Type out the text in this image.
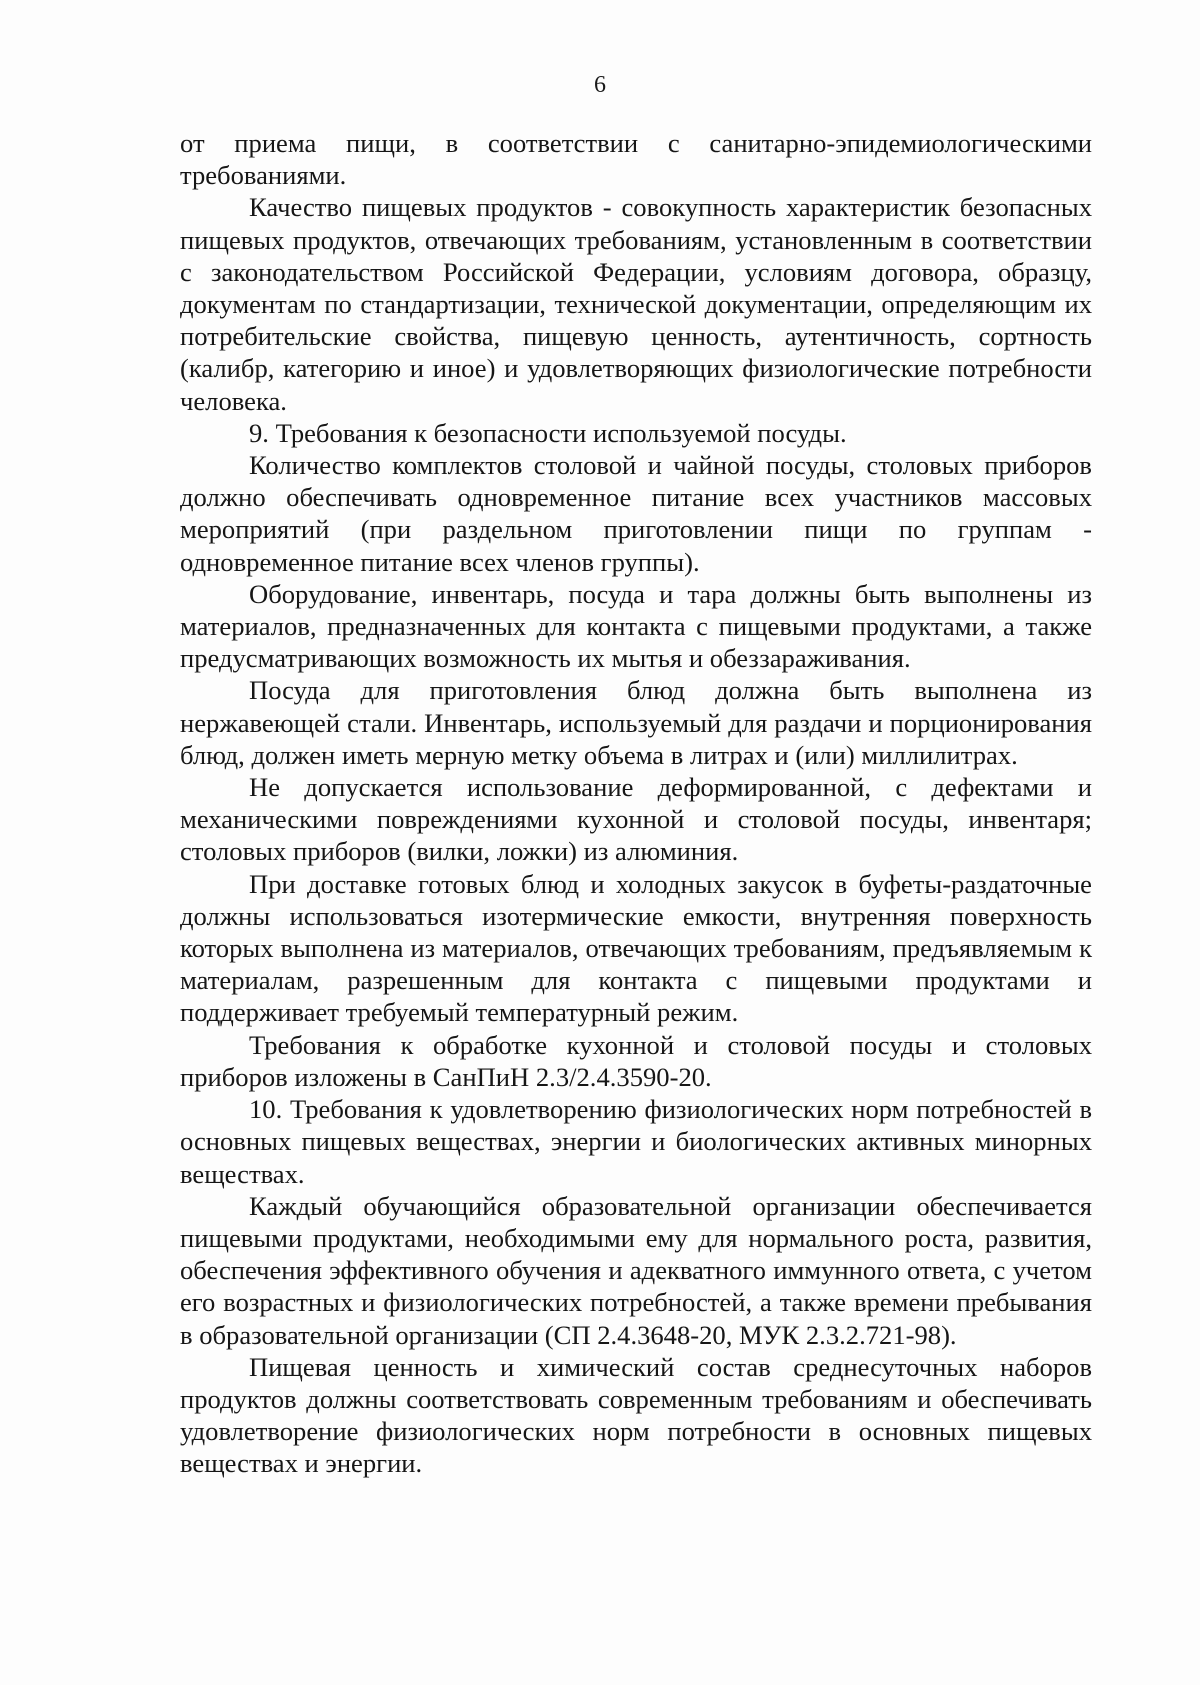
6

от приема пищи, в соответствии с санитарно-эпидемиологическими требованиями.

Качество пищевых продуктов - совокупность характеристик безопасных пищевых продуктов, отвечающих требованиям, установленным в соответствии с законодательством Российской Федерации, условиям договора, образцу, документам по стандартизации, технической документации, определяющим их потребительские свойства, пищевую ценность, аутентичность, сортность (калибр, категорию и иное) и удовлетворяющих физиологические потребности человека.

9. Требования к безопасности используемой посуды.

Количество комплектов столовой и чайной посуды, столовых приборов должно обеспечивать одновременное питание всех участников массовых мероприятий (при раздельном приготовлении пищи по группам - одновременное питание всех членов группы).

Оборудование, инвентарь, посуда и тара должны быть выполнены из материалов, предназначенных для контакта с пищевыми продуктами, а также предусматривающих возможность их мытья и обеззараживания.

Посуда для приготовления блюд должна быть выполнена из нержавеющей стали. Инвентарь, используемый для раздачи и порционирования блюд, должен иметь мерную метку объема в литрах и (или) миллилитрах.

Не допускается использование деформированной, с дефектами и механическими повреждениями кухонной и столовой посуды, инвентаря; столовых приборов (вилки, ложки) из алюминия.

При доставке готовых блюд и холодных закусок в буфеты-раздаточные должны использоваться изотермические емкости, внутренняя поверхность которых выполнена из материалов, отвечающих требованиям, предъявляемым к материалам, разрешенным для контакта с пищевыми продуктами и поддерживает требуемый температурный режим.

Требования к обработке кухонной и столовой посуды и столовых приборов изложены в СанПиН 2.3/2.4.3590-20.

10. Требования к удовлетворению физиологических норм потребностей в основных пищевых веществах, энергии и биологических активных минорных веществах.

Каждый обучающийся образовательной организации обеспечивается пищевыми продуктами, необходимыми ему для нормального роста, развития, обеспечения эффективного обучения и адекватного иммунного ответа, с учетом его возрастных и физиологических потребностей, а также времени пребывания в образовательной организации (СП 2.4.3648-20, МУК 2.3.2.721-98).

Пищевая ценность и химический состав среднесуточных наборов продуктов должны соответствовать современным требованиям и обеспечивать удовлетворение физиологических норм потребности в основных пищевых веществах и энергии.
